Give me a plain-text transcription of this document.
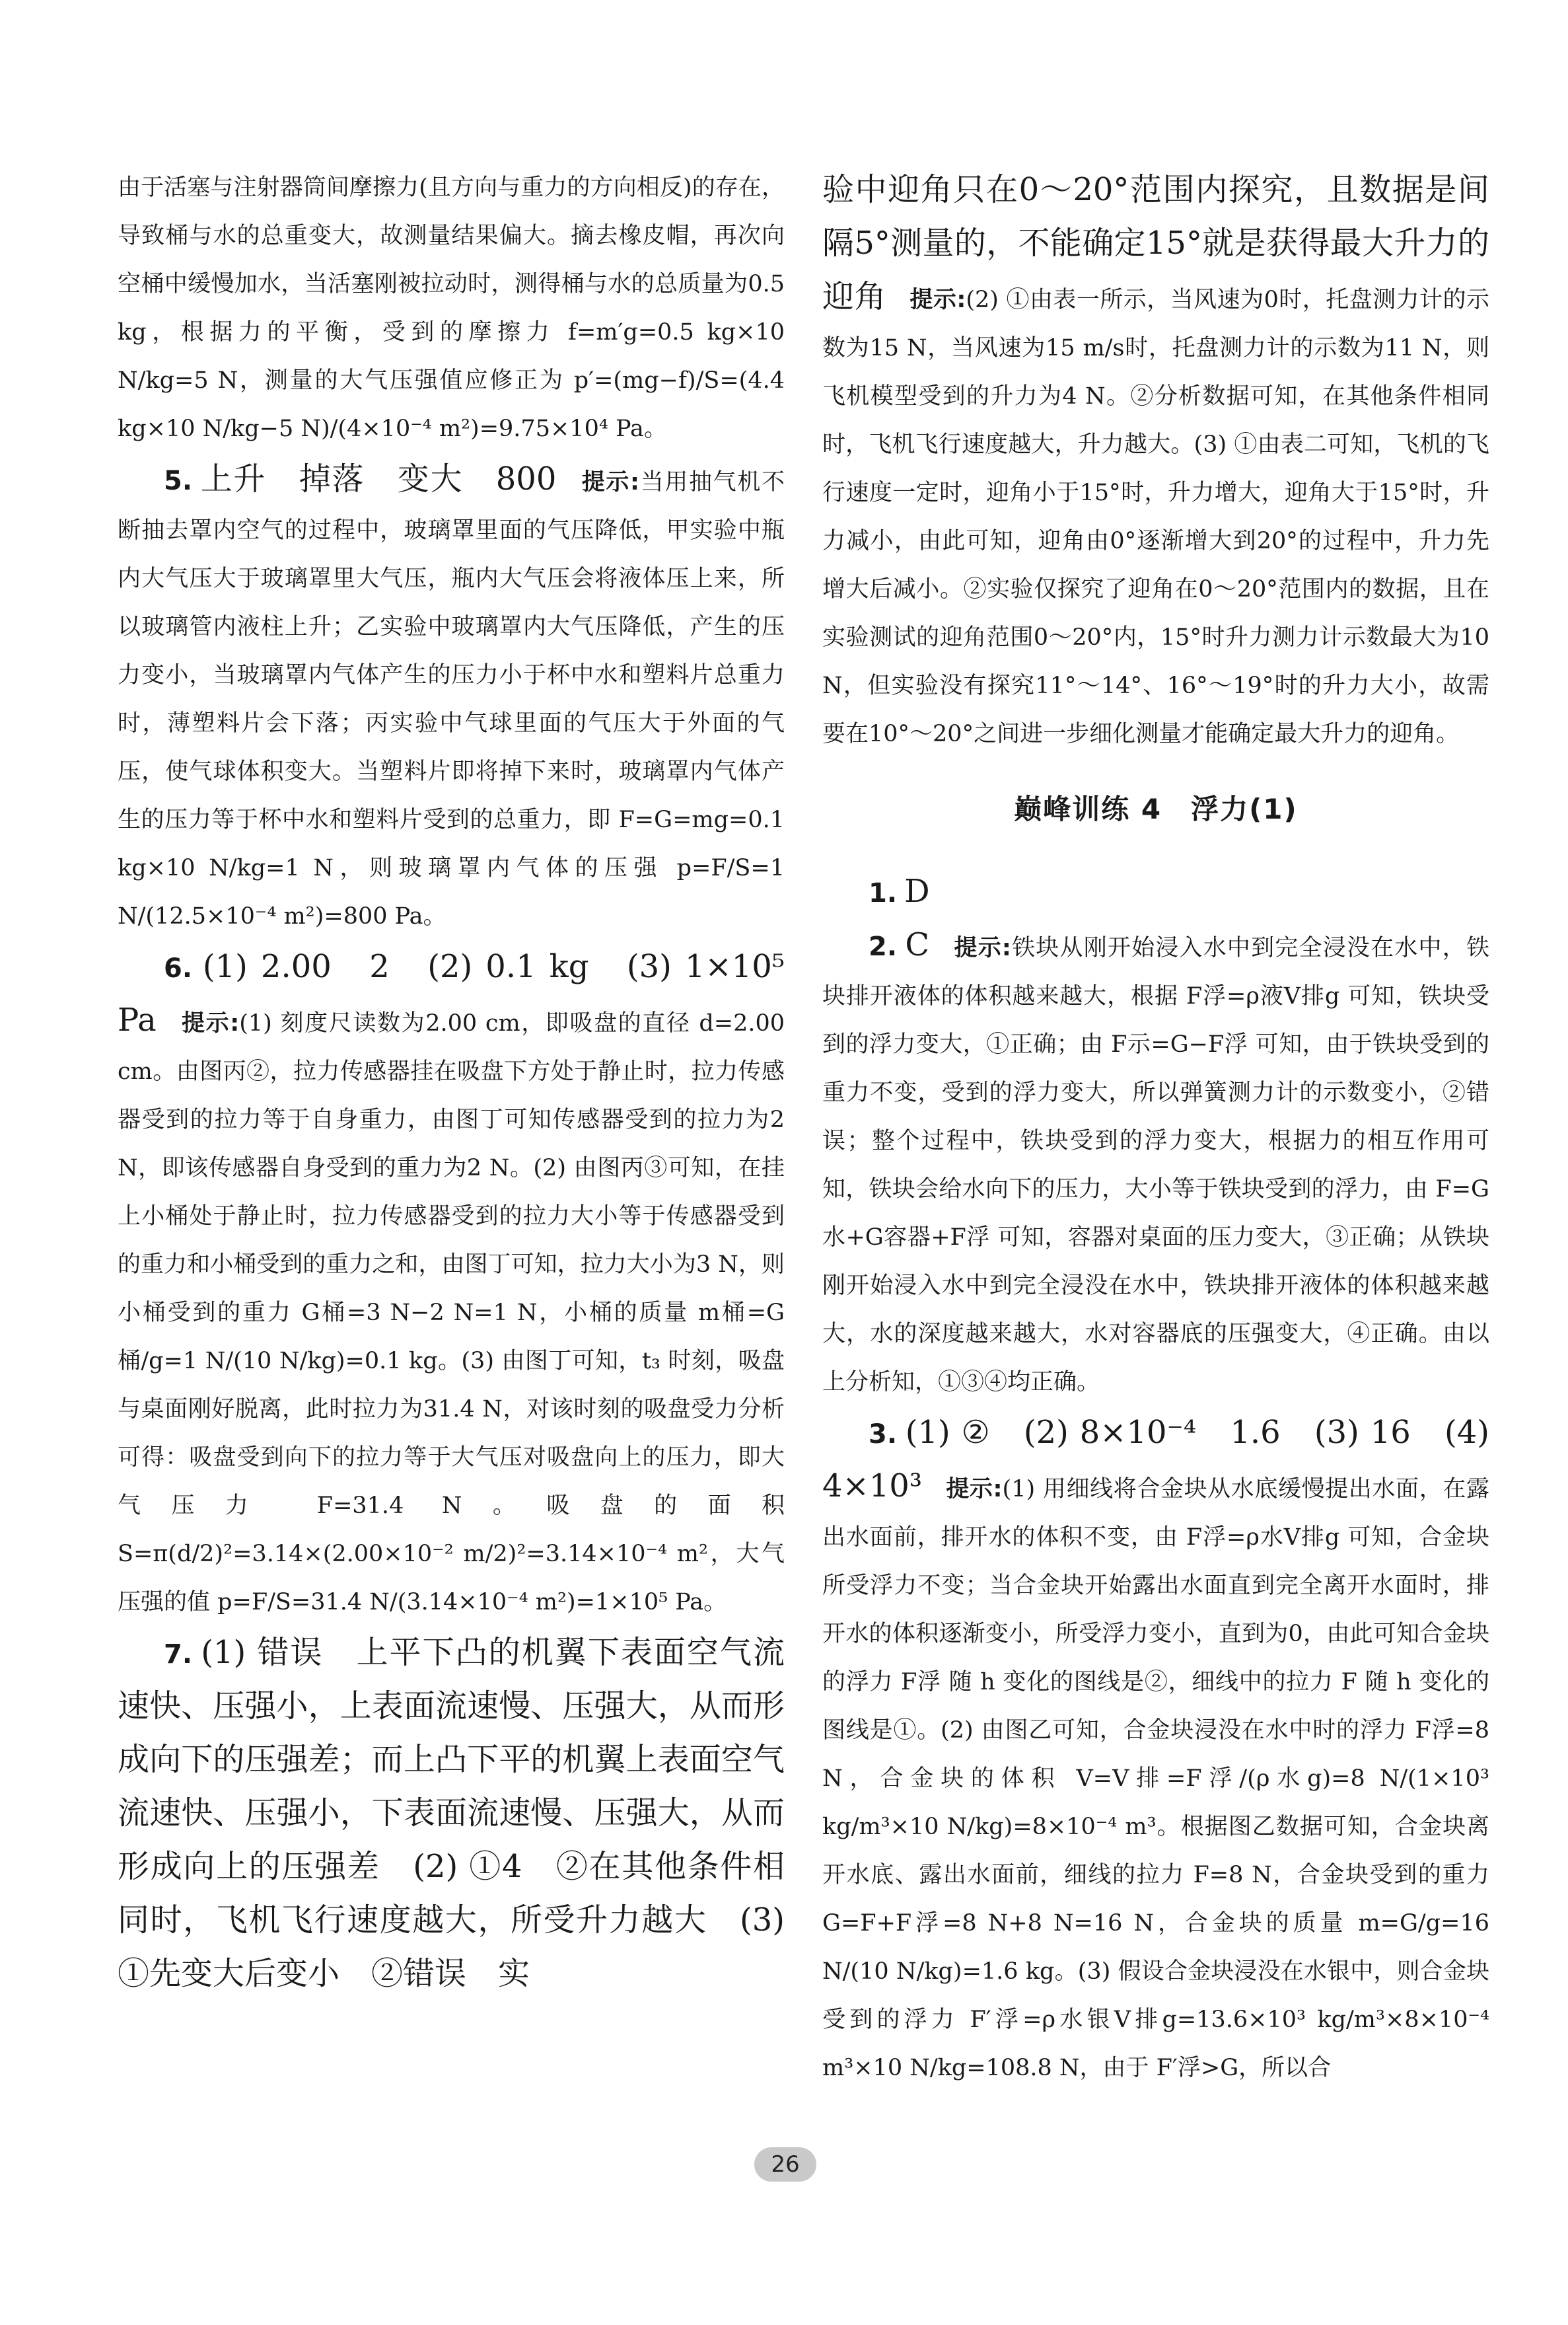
由于活塞与注射器筒间摩擦力(且方向与重力的方向相反)的存在，导致桶与水的总重变大，故测量结果偏大。摘去橡皮帽，再次向空桶中缓慢加水，当活塞刚被拉动时，测得桶与水的总质量为0.5 kg，根据力的平衡，受到的摩擦力 f=m′g=0.5 kg×10 N/kg=5 N，测量的大气压强值应修正为 p′=(mg−f)/S=(4.4 kg×10 N/kg−5 N)/(4×10⁻⁴ m²)=9.75×10⁴ Pa。

5. 上升　掉落　变大　800　 提示:当用抽气机不断抽去罩内空气的过程中，玻璃罩里面的气压降低，甲实验中瓶内大气压大于玻璃罩里大气压，瓶内大气压会将液体压上来，所以玻璃管内液柱上升；乙实验中玻璃罩内大气压降低，产生的压力变小，当玻璃罩内气体产生的压力小于杯中水和塑料片总重力时，薄塑料片会下落；丙实验中气球里面的气压大于外面的气压，使气球体积变大。当塑料片即将掉下来时，玻璃罩内气体产生的压力等于杯中水和塑料片受到的总重力，即 F=G=mg=0.1 kg×10 N/kg=1 N，则玻璃罩内气体的压强 p=F/S=1 N/(12.5×10⁻⁴ m²)=800 Pa。

6. (1) 2.00　2　(2) 0.1 kg　(3) 1×10⁵ Pa　 提示:(1) 刻度尺读数为2.00 cm，即吸盘的直径 d=2.00 cm。由图丙②，拉力传感器挂在吸盘下方处于静止时，拉力传感器受到的拉力等于自身重力，由图丁可知传感器受到的拉力为2 N，即该传感器自身受到的重力为2 N。(2) 由图丙③可知，在挂上小桶处于静止时，拉力传感器受到的拉力大小等于传感器受到的重力和小桶受到的重力之和，由图丁可知，拉力大小为3 N，则小桶受到的重力 G桶=3 N−2 N=1 N，小桶的质量 m桶=G桶/g=1 N/(10 N/kg)=0.1 kg。(3) 由图丁可知，t₃ 时刻，吸盘与桌面刚好脱离，此时拉力为31.4 N，对该时刻的吸盘受力分析可得：吸盘受到向下的拉力等于大气压对吸盘向上的压力，即大气压力 F=31.4 N。吸盘的面积 S=π(d/2)²=3.14×(2.00×10⁻² m/2)²=3.14×10⁻⁴ m²，大气压强的值 p=F/S=31.4 N/(3.14×10⁻⁴ m²)=1×10⁵ Pa。

7. (1) 错误　上平下凸的机翼下表面空气流速快、压强小，上表面流速慢、压强大，从而形成向下的压强差；而上凸下平的机翼上表面空气流速快、压强小，下表面流速慢、压强大，从而形成向上的压强差　(2) ①4　②在其他条件相同时，飞机飞行速度越大，所受升力越大　(3) ①先变大后变小　②错误　实

验中迎角只在0～20°范围内探究，且数据是间隔5°测量的，不能确定15°就是获得最大升力的迎角　 提示:(2) ①由表一所示，当风速为0时，托盘测力计的示数为15 N，当风速为15 m/s时，托盘测力计的示数为11 N，则飞机模型受到的升力为4 N。②分析数据可知，在其他条件相同时，飞机飞行速度越大，升力越大。(3) ①由表二可知，飞机的飞行速度一定时，迎角小于15°时，升力增大，迎角大于15°时，升力减小，由此可知，迎角由0°逐渐增大到20°的过程中，升力先增大后减小。②实验仅探究了迎角在0～20°范围内的数据，且在实验测试的迎角范围0～20°内，15°时升力测力计示数最大为10 N，但实验没有探究11°～14°、16°～19°时的升力大小，故需要在10°～20°之间进一步细化测量才能确定最大升力的迎角。

巅峰训练 4　浮力(1)

1. D

2. C　 提示:铁块从刚开始浸入水中到完全浸没在水中，铁块排开液体的体积越来越大，根据 F浮=ρ液V排g 可知，铁块受到的浮力变大，①正确；由 F示=G−F浮 可知，由于铁块受到的重力不变，受到的浮力变大，所以弹簧测力计的示数变小，②错误；整个过程中，铁块受到的浮力变大，根据力的相互作用可知，铁块会给水向下的压力，大小等于铁块受到的浮力，由 F=G水+G容器+F浮 可知，容器对桌面的压力变大，③正确；从铁块刚开始浸入水中到完全浸没在水中，铁块排开液体的体积越来越大，水的深度越来越大，水对容器底的压强变大，④正确。由以上分析知，①③④均正确。

3. (1) ②　(2) 8×10⁻⁴　1.6　(3) 16　(4) 4×10³　 提示:(1) 用细线将合金块从水底缓慢提出水面，在露出水面前，排开水的体积不变，由 F浮=ρ水V排g 可知，合金块所受浮力不变；当合金块开始露出水面直到完全离开水面时，排开水的体积逐渐变小，所受浮力变小，直到为0，由此可知合金块的浮力 F浮 随 h 变化的图线是②，细线中的拉力 F 随 h 变化的图线是①。(2) 由图乙可知，合金块浸没在水中时的浮力 F浮=8 N，合金块的体积 V=V排=F浮/(ρ水g)=8 N/(1×10³ kg/m³×10 N/kg)=8×10⁻⁴ m³。根据图乙数据可知，合金块离开水底、露出水面前，细线的拉力 F=8 N，合金块受到的重力 G=F+F浮=8 N+8 N=16 N，合金块的质量 m=G/g=16 N/(10 N/kg)=1.6 kg。(3) 假设合金块浸没在水银中，则合金块受到的浮力 F′浮=ρ水银V排g=13.6×10³ kg/m³×8×10⁻⁴ m³×10 N/kg=108.8 N，由于 F′浮>G，所以合

26
